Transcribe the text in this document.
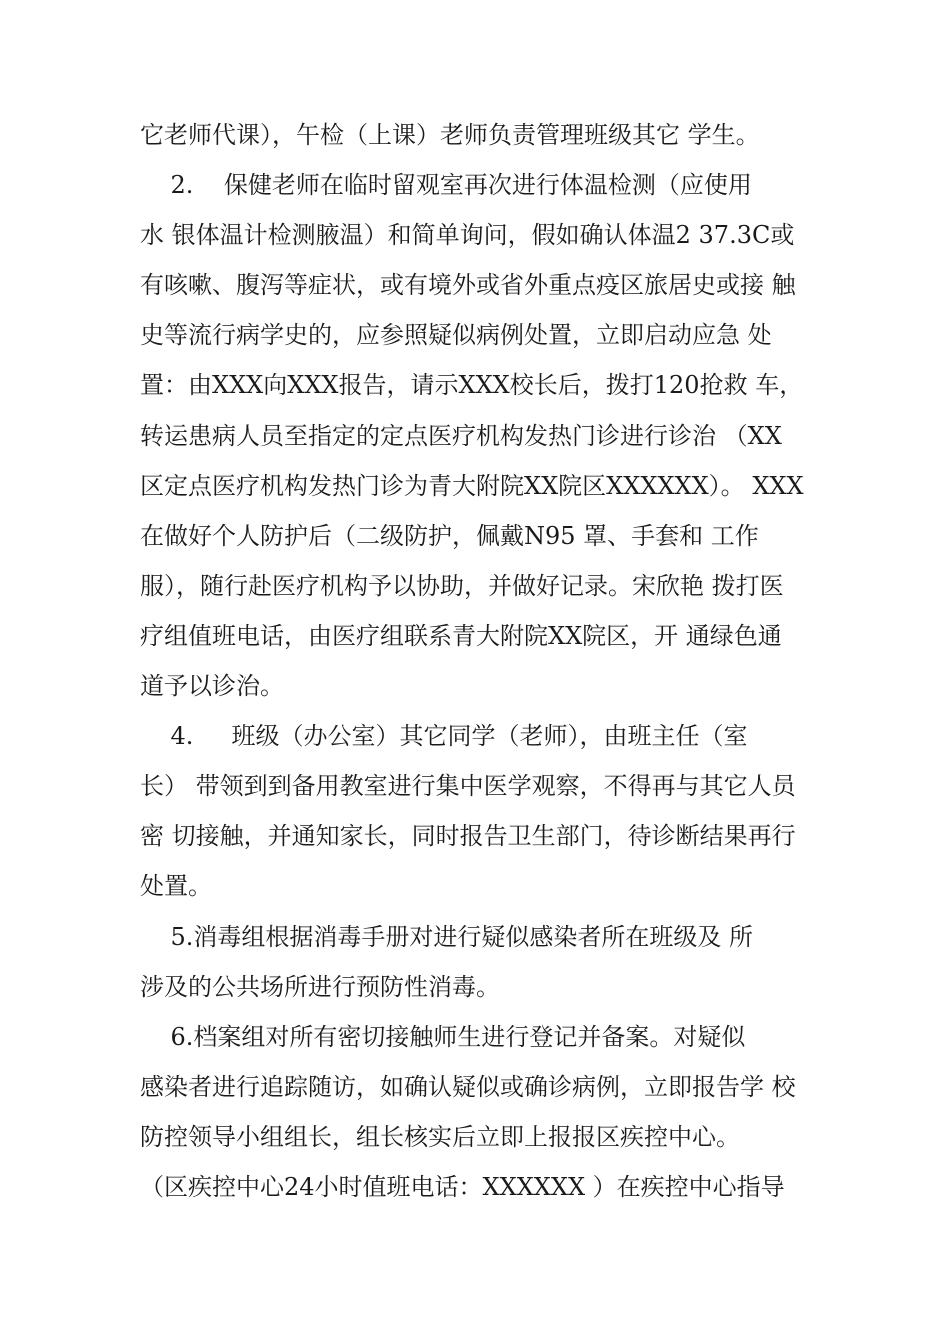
它老师代课），午检（上课）老师负责管理班级其它 学生。
2.    保健老师在临时留观室再次进行体温检测（应使用
水 银体温计检测腋温）和简单询问，假如确认体温2 37.3C或
有咳嗽、腹泻等症状，或有境外或省外重点疫区旅居史或接 触
史等流行病学史的，应参照疑似病例处置，立即启动应急 处
置：由XXX向XXX报告，请示XXX校长后，拨打120抢救 车，
转运患病人员至指定的定点医疗机构发热门诊进行诊治 （XX
区定点医疗机构发热门诊为青大附院XX院区XXXXXX）。 XXX
在做好个人防护后（二级防护，佩戴N95 罩、手套和 工作
服），随行赴医疗机构予以协助，并做好记录。宋欣艳 拨打医
疗组值班电话，由医疗组联系青大附院XX院区，开 通绿色通
道予以诊治。
4.     班级（办公室）其它同学（老师），由班主任（室
长） 带领到到备用教室进行集中医学观察，不得再与其它人员
密 切接触，并通知家长，同时报告卫生部门，待诊断结果再行
处置。
5.消毒组根据消毒手册对进行疑似感染者所在班级及 所
涉及的公共场所进行预防性消毒。
6.档案组对所有密切接触师生进行登记并备案。对疑似
感染者进行追踪随访，如确认疑似或确诊病例，立即报告学 校
防控领导小组组长，组长核实后立即上报报区疾控中心。
（区疾控中心24小时值班电话：XXXXXX ）在疾控中心指导
